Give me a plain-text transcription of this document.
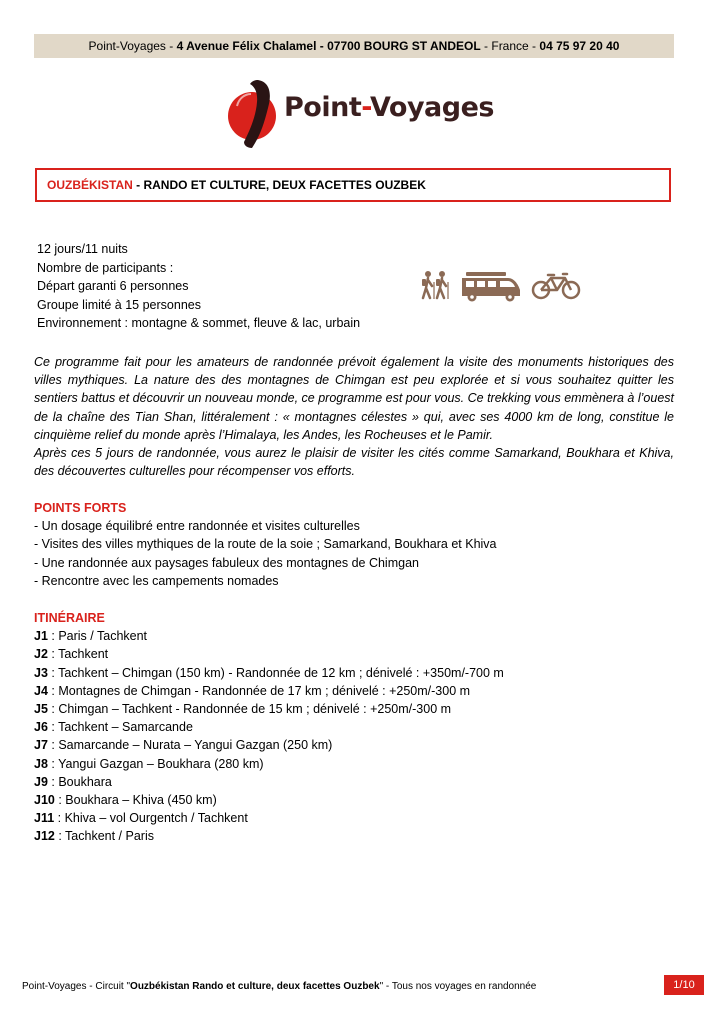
Point-Voyages - 4 Avenue Félix Chalamel - 07700 BOURG ST ANDEOL - France - 04 75 97 20 40
Point-Voyages
OUZBÉKISTAN - RANDO ET CULTURE, DEUX FACETTES OUZBEK
12 jours/11 nuits
Nombre de participants :
Départ garanti 6 personnes
Groupe limité à 15 personnes
Environnement : montagne & sommet, fleuve & lac, urbain

Ce programme fait pour les amateurs de randonnée prévoit également la visite des monuments historiques des villes mythiques. La nature des des montagnes de Chimgan est peu explorée et si vous souhaitez quitter les sentiers battus et découvrir un nouveau monde, ce programme est pour vous. Ce trekking vous emmènera à l’ouest de la chaîne des Tian Shan, littéralement : « montagnes célestes » qui, avec ses 4000 km de long, constitue le cinquième relief du monde après l’Himalaya, les Andes, les Rocheuses et le Pamir.

Après ces 5 jours de randonnée, vous aurez le plaisir de visiter les cités comme Samarkand, Boukhara et Khiva, des découvertes culturelles pour récompenser vos efforts.

POINTS FORTS
- Un dosage équilibré entre randonnée et visites culturelles
- Visites des villes mythiques de la route de la soie ; Samarkand, Boukhara et Khiva
- Une randonnée aux paysages fabuleux des montagnes de Chimgan
- Rencontre avec les campements nomades
ITINÉRAIRE
J1 : Paris / Tachkent
J2 : Tachkent
J3 : Tachkent – Chimgan (150 km) - Randonnée de 12 km ; dénivelé : +350m/-700 m
J4 : Montagnes de Chimgan - Randonnée de 17 km ; dénivelé : +250m/-300 m
J5 : Chimgan – Tachkent - Randonnée de 15 km ; dénivelé : +250m/-300 m
J6 : Tachkent – Samarcande
J7 : Samarcande – Nurata – Yangui Gazgan (250 km)
J8 : Yangui Gazgan – Boukhara (280 km)
J9 : Boukhara
J10 : Boukhara – Khiva (450 km)
J11 : Khiva – vol Ourgentch / Tachkent
J12 : Tachkent / Paris
Point-Voyages - Circuit "Ouzbékistan Rando et culture, deux facettes Ouzbek" - Tous nos voyages en randonnée	1/10
